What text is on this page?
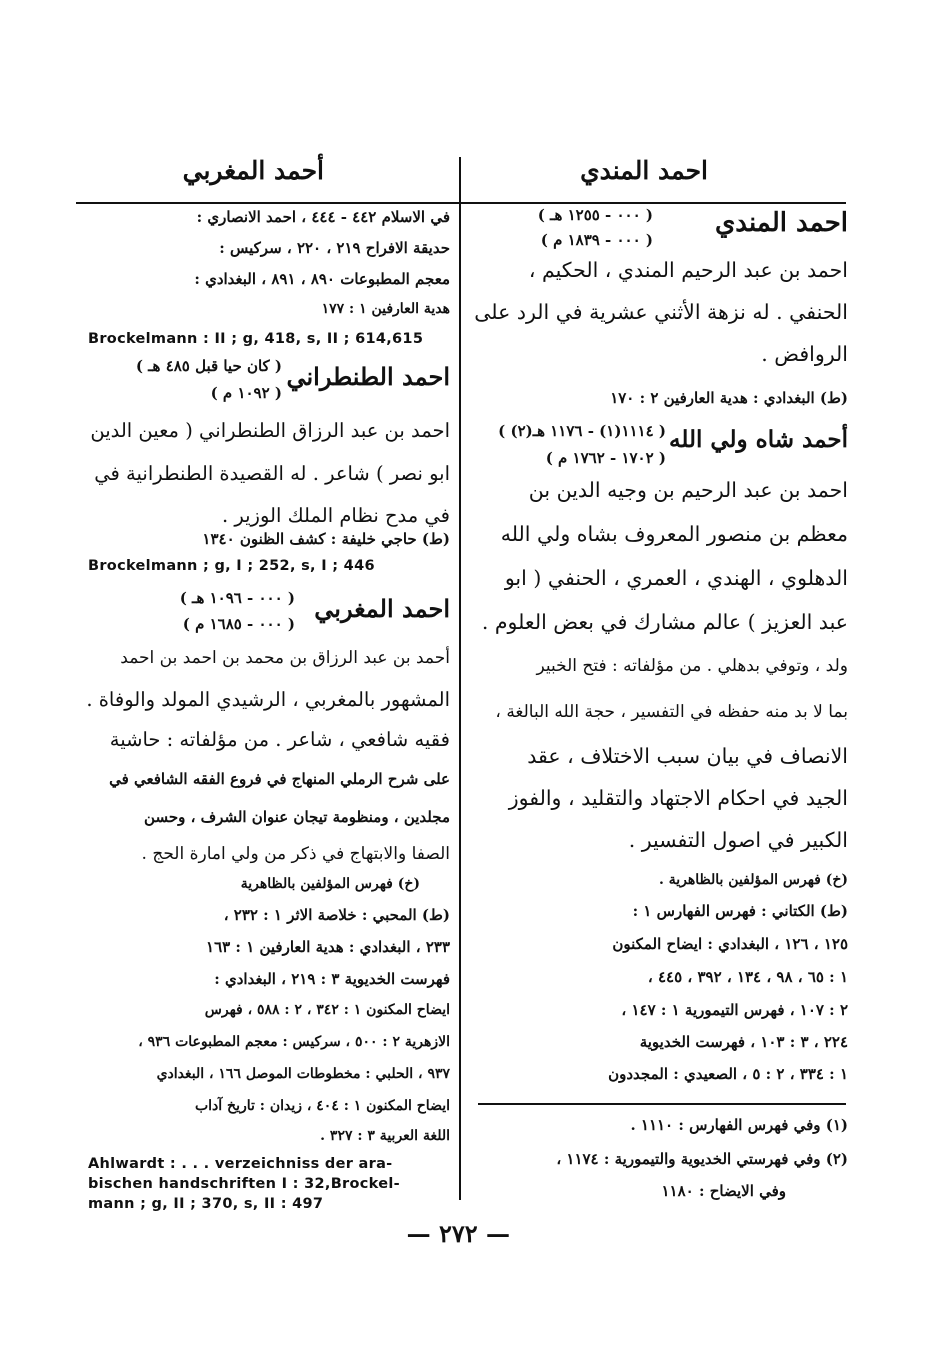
احمد المندي
أحمد المغربي
احمد المندي
( ٠٠٠ - ١٢٥٥ هـ )
( ٠٠٠ - ١٨٣٩ م )
احمد بن عبد الرحيم المندي ، الحكيم ،
الحنفي . له نزهة الأثني عشرية في الرد على
الروافض .
(ط) البغدادي : هدية العارفين ٢ : ١٧٠
أحمد شاه ولي الله
( ١١١٤(١) - ١١٧٦ هـ(٢) )
( ١٧٠٢ - ١٧٦٢ م )
احمد بن عبد الرحيم بن وجيه الدين بن
معظم بن منصور المعروف بشاه ولي الله
الدهلوي ، الهندي ، العمري ، الحنفي ( ابو
عبد العزيز ) عالم مشارك في بعض العلوم .
ولد ، وتوفي بدهلي . من مؤلفاته : فتح الخبير
بما لا بد منه حفظه في التفسير ، حجة الله البالغة ،
الانصاف في بيان سبب الاختلاف ، عقد
الجيد في احكام الاجتهاد والتقليد ، والفوز
الكبير في اصول التفسير .
(خ) فهرس المؤلفين بالظاهرية .
(ط) الكتاني : فهرس الفهارس ١ :
١٢٥ ، ١٢٦ ، البغدادي : ايضاح المكنون
١ : ٦٥ ، ٩٨ ، ١٣٤ ، ٣٩٢ ، ٤٤٥ ،
٢ : ١٠٧ ، فهرس التيمورية ١ : ١٤٧ ،
٢٢٤ ، ٣ : ١٠٣ ، فهرست الخديوية
١ : ٣٣٤ ، ٢ : ٥ ، الصعيدي : المجددون
(١) وفي فهرس الفهارس : ١١١٠ .
(٢) وفي فهرستي الخديوية والتيمورية : ١١٧٤ ،
وفي الايضاح : ١١٨٠
في الاسلام ٤٤٢ - ٤٤٤ ، احمد الانصاري :
حديقة الافراح ٢١٩ ، ٢٢٠ ، سركيس :
معجم المطبوعات ٨٩٠ ، ٨٩١ ، البغدادي :
هدية العارفين ١ : ١٧٧
Brockelmann : II ; g, 418, s, II ; 614,615
احمد الطنطراني
( كان حيا قبل ٤٨٥ هـ )
( ١٠٩٢ م )
احمد بن عبد الرزاق الطنطراني ( معين الدين
ابو نصر ) شاعر . له القصيدة الطنطرانية في
في مدح نظام الملك الوزير .
(ط) حاجي خليفة : كشف الظنون ١٣٤٠
Brockelmann ; g, I ; 252, s, I ; 446
احمد المغربي
( ٠٠٠ - ١٠٩٦ هـ )
( ٠٠٠ - ١٦٨٥ م )
أحمد بن عبد الرزاق بن محمد بن احمد بن احمد
المشهور بالمغربي ، الرشيدي المولد والوفاة .
فقيه شافعي ، شاعر . من مؤلفاته : حاشية
على شرح الرملي المنهاج في فروع الفقه الشافعي في
مجلدين ، ومنظومة تيجان عنوان الشرف ، وحسن
الصفا والابتهاج في ذكر من ولي امارة الحج .
(خ) فهرس المؤلفين بالظاهرية
(ط) المحبي : خلاصة الاثر ١ : ٢٣٢ ،
٢٣٣ ، البغدادي : هدية العارفين ١ : ١٦٣
فهرست الخديوية ٣ : ٢١٩ ، البغدادي :
ايضاح المكنون ١ : ٣٤٢ ، ٢ : ٥٨٨ ، فهرس
الازهرية ٢ : ٥٠٠ ، سركيس : معجم المطبوعات ٩٣٦ ،
٩٣٧ ، الحلبي : مخطوطات الموصل ١٦٦ ، البغدادي
ايضاح المكنون ١ : ٤٠٤ ، زيدان : تاريخ آداب
اللغة العربية ٣ : ٣٢٧ .
Ahlwardt : . . . verzeichniss der ara-
bischen handschriften I : 32,Brockel-
mann ; g, II ; 370, s, II : 497
— ٢٧٢ —
